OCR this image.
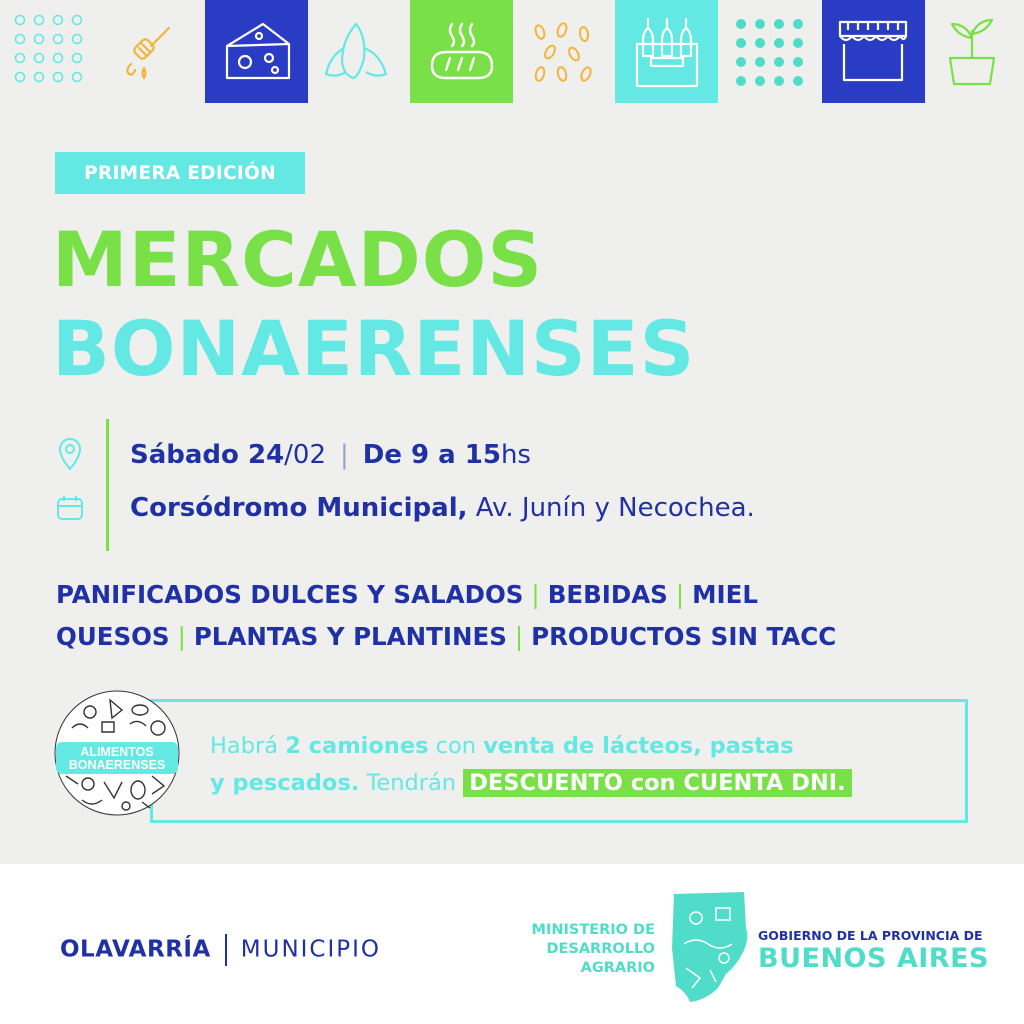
PRIMERA EDICIÓN
MERCADOS
BONAERENSES
Sábado 24/02 | De 9 a 15hs
Corsódromo Municipal, Av. Junín y Necochea.
PANIFICADOS DULCES Y SALADOS | BEBIDAS | MIEL
QUESOS | PLANTAS Y PLANTINES | PRODUCTOS SIN TACC
Habrá 2 camiones con venta de lácteos, pastas
y pescados. Tendrán DESCUENTO con CUENTA DNI.
ALIMENTOS
BONAERENSES
OLAVARRÍA MUNICIPIO
MINISTERIO DE
DESARROLLO
AGRARIO
GOBIERNO DE LA PROVINCIA DE
BUENOS AIRES
